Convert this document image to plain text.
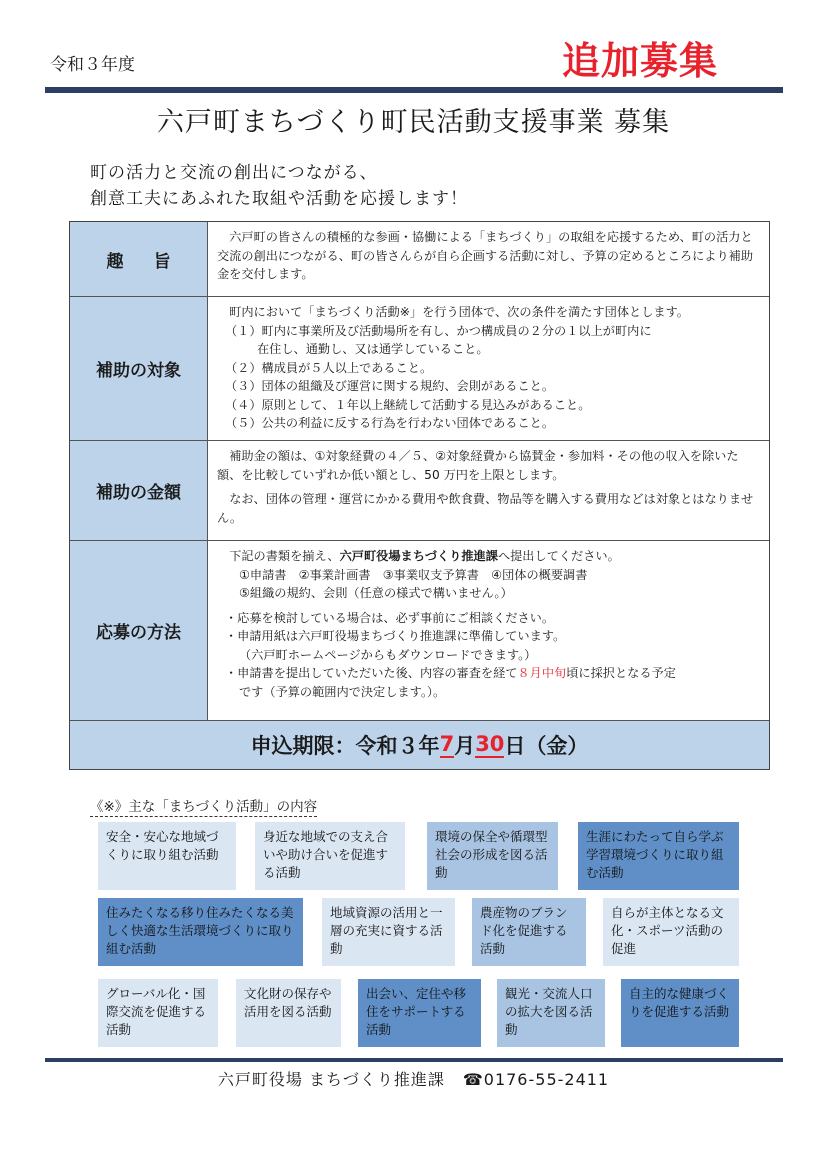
令和３年度	追加募集
六戸町まちづくり町民活動支援事業 募集
町の活力と交流の創出につながる、
創意工夫にあふれた取組や活動を応援します！
趣旨
六戸町の皆さんの積極的な参画・協働による「まちづくり」の取組を応援するため、町の活力と交流の創出につながる、町の皆さんらが自ら企画する活動に対し、予算の定めるところにより補助金を交付します。
補助の対象
町内において「まちづくり活動※」を行う団体で、次の条件を満たす団体とします。
（１）町内に事業所及び活動場所を有し、かつ構成員の２分の１以上が町内に
在住し、通勤し、又は通学していること。
（２）構成員が５人以上であること。
（３）団体の組織及び運営に関する規約、会則があること。
（４）原則として、１年以上継続して活動する見込みがあること。
（５）公共の利益に反する行為を行わない団体であること。
補助の金額
補助金の額は、①対象経費の４／５、②対象経費から協賛金・参加料・その他の収入を除いた額、を比較していずれか低い額とし、50 万円を上限とします。
なお、団体の管理・運営にかかる費用や飲食費、物品等を購入する費用などは対象とはなりません。
応募の方法
下記の書類を揃え、六戸町役場まちづくり推進課へ提出してください。
①申請書　②事業計画書　③事業収支予算書　④団体の概要調書
⑤組織の規約、会則（任意の様式で構いません。）
・応募を検討している場合は、必ず事前にご相談ください。
・申請用紙は六戸町役場まちづくり推進課に準備しています。
（六戸町ホームページからもダウンロードできます。）
・申請書を提出していただいた後、内容の審査を経て８月中旬頃に採択となる予定
です（予算の範囲内で決定します。）。
申込期限：令和３年 7 月 30 日（金）
《※》主な「まちづくり活動」の内容
安全・安心な地域づくりに取り組む活動
身近な地域での支え合いや助け合いを促進する活動
環境の保全や循環型社会の形成を図る活動
生涯にわたって自ら学ぶ学習環境づくりに取り組む活動
住みたくなる移り住みたくなる美しく快適な生活環境づくりに取り組む活動
地域資源の活用と一層の充実に資する活動
農産物のブランド化を促進する活動
自らが主体となる文化・スポーツ活動の促進
グローバル化・国際交流を促進する活動
文化財の保存や活用を図る活動
出会い、定住や移住をサポートする活動
観光・交流人口の拡大を図る活動
自主的な健康づくりを促進する活動
六戸町役場 まちづくり推進課 ☎0176-55-2411
